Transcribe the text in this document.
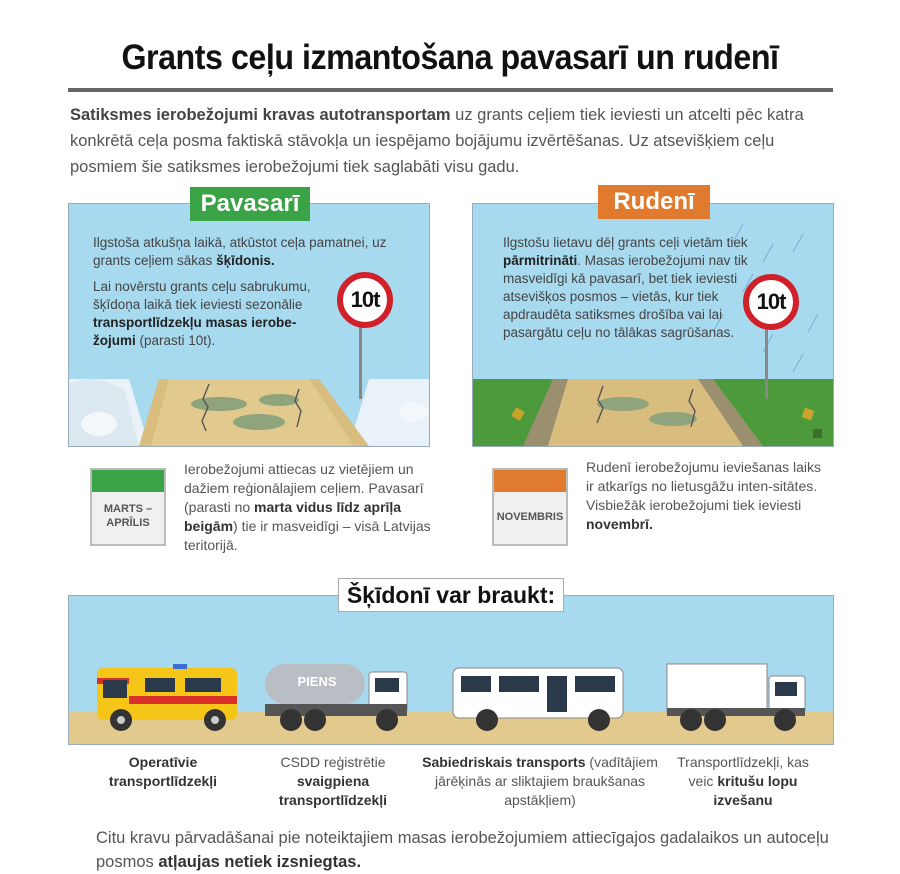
Grants ceļu izmantošana pavasarī un rudenī
Satiksmes ierobežojumi kravas autotransportam uz grants ceļiem tiek ieviesti un atcelti pēc katra konkrētā ceļa posma faktiskā stāvokļa un iespējamo bojājumu izvērtēšanas. Uz atsevišķiem ceļu posmiem šie satiksmes ierobežojumi tiek saglabāti visu gadu.
Ilgstoša atkušņa laikā, atkūstot ceļa pamatnei, uz grants ceļiem sākas šķīdonis.
Lai novērstu grants ceļu sabrukumu, šķīdoņa laikā tiek ieviesti sezonālie transportlīdzekļu masas ierobe-žojumi (parasti 10t).
10t
Pavasarī
Ilgstošu lietavu dēļ grants ceļi vietām tiek pārmitrināti. Masas ierobežojumi nav tik masveidīgi kā pavasarī, bet tiek ieviesti atsevišķos posmos – vietās, kur tiek apdraudēta satiksmes drošība vai lai pasargātu ceļu no tālākas sagrūšanas.
10t
Rudenī
MARTS – APRĪLIS
Ierobežojumi attiecas uz vietējiem un dažiem reģionālajiem ceļiem. Pavasarī (parasti no marta vidus līdz aprīļa beigām) tie ir masveidīgi – visā Latvijas teritorijā.
NOVEMBRIS
Rudenī ierobežojumu ieviešanas laiks ir atkarīgs no lietusgāžu inten-sitātes. Visbiežāk ierobežojumi tiek ieviesti novembrī.
PIENS
Šķīdonī var braukt:
Operatīvie transportlīdzekļi
CSDD reģistrētie svaigpiena transportlīdzekļi
Sabiedriskais transports (vadītājiem jārēķinās ar sliktajiem braukšanas apstākļiem)
Transportlīdzekļi, kas veic kritušu lopu izvešanu
Citu kravu pārvadāšanai pie noteiktajiem masas ierobežojumiem attiecīgajos gadalaikos un autoceļu posmos atļaujas netiek izsniegtas.
